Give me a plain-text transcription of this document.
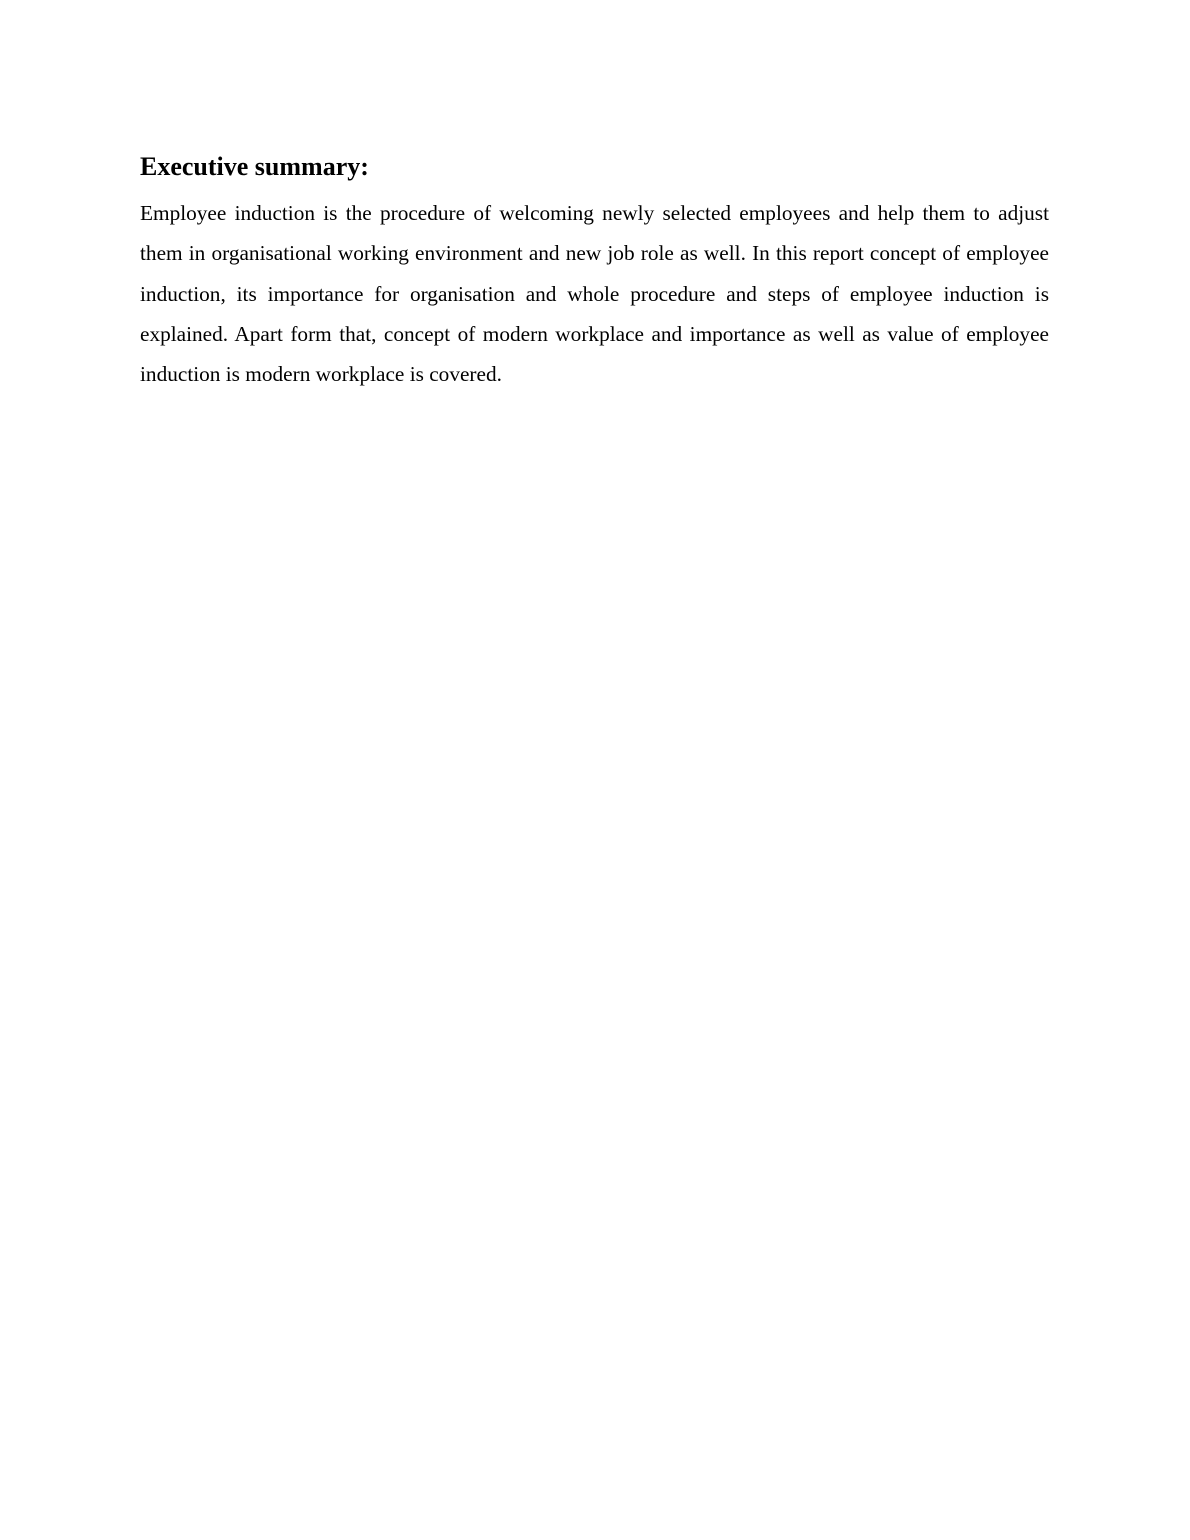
Executive summary:

Employee induction is the procedure of welcoming newly selected employees and help them to adjust them in organisational working environment and new job role as well. In this report concept of employee induction, its importance for organisation and whole procedure and steps of employee induction is explained. Apart form that, concept of modern workplace and importance as well as value of employee induction is modern workplace is covered.
